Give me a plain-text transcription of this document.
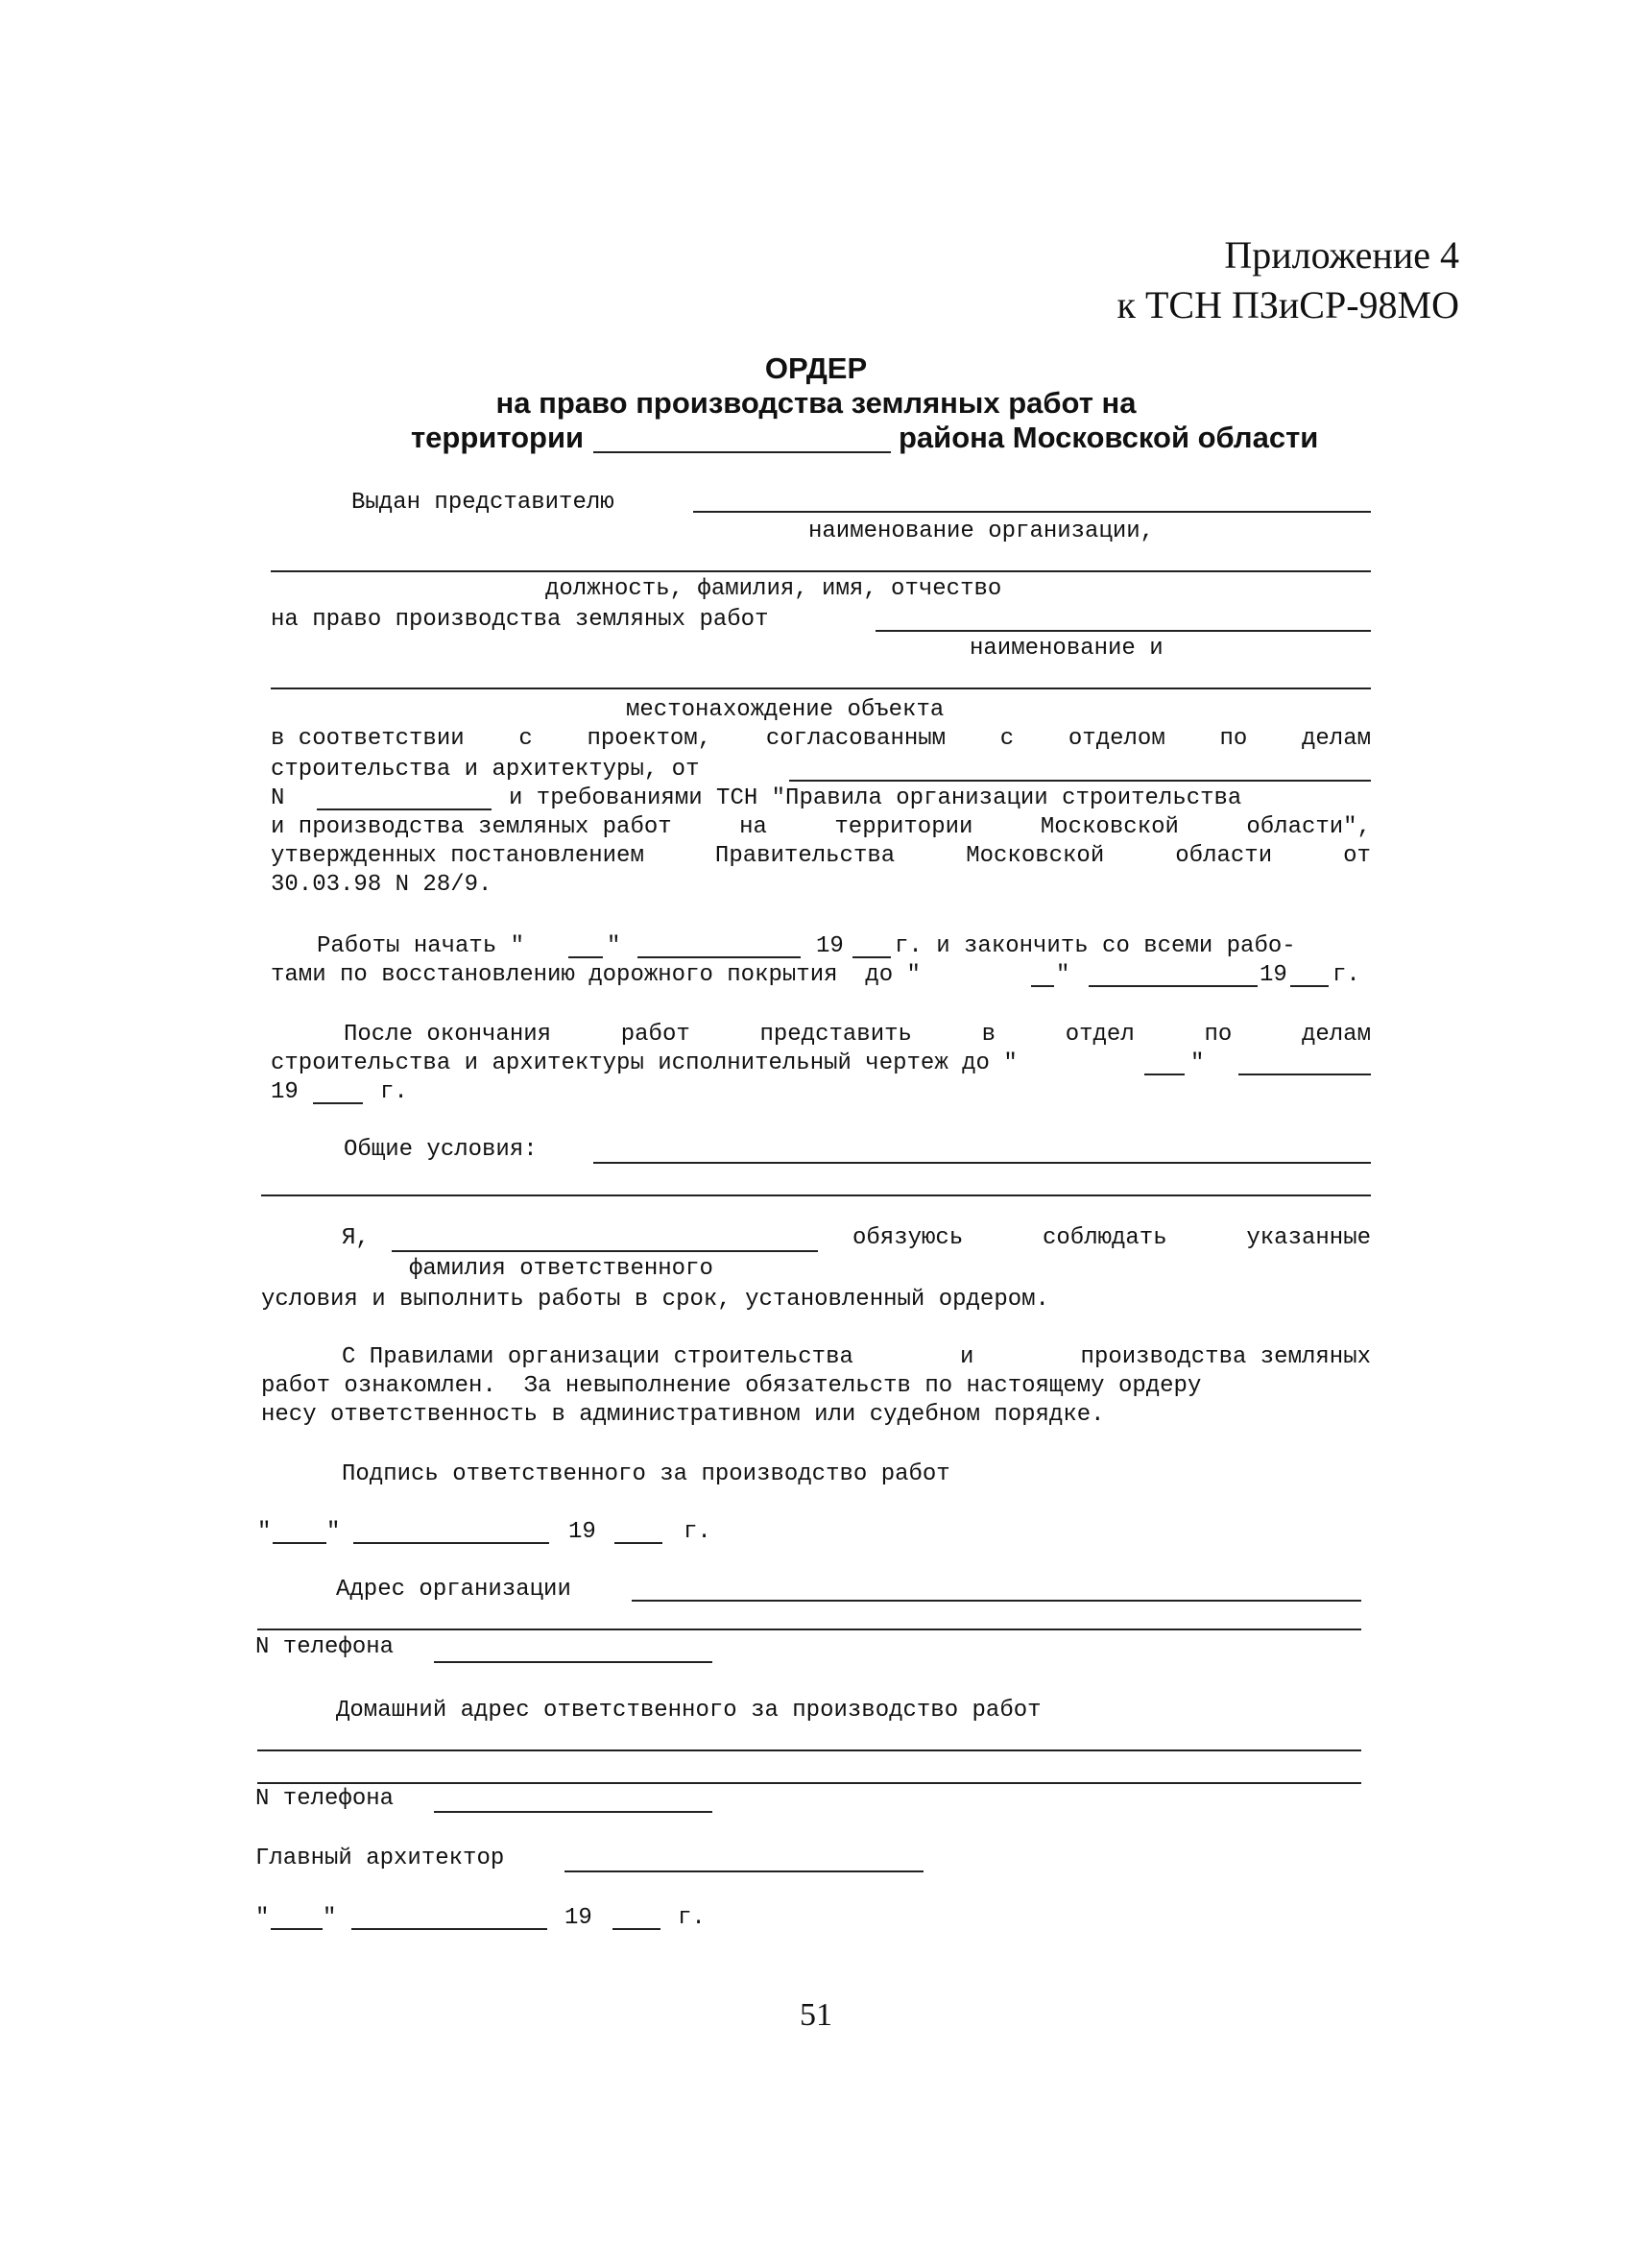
Приложение 4
к ТСН ПЗиСР-98МО
ОРДЕР
на право производства земляных работ на
территории	района Московской области
Выдан представителю
наименование организации,
должность, фамилия, имя, отчество
на право производства земляных работ
наименование и
местонахождение объекта
в соответствии с проектом, согласованным с отделом по делам
строительства и архитектуры, от
N	и требованиями ТСН "Правила организации строительства
и производства земляных работ	на	территории	Московской	области",
утвержденных постановлением	Правительства	Московской	области	от
30.03.98 N 28/9.
Работы начать "	"	19 г. и закончить со всеми рабо-
тами по восстановлению дорожного покрытия  до "	"	19 г.
После окончания	работ	представить	в	отдел	по	делам
строительства и архитектуры исполнительный чертеж до "	"
19	г.
Общие условия:
Я,	обязуюсь	соблюдать	указанные
фамилия ответственного
условия и выполнить работы в срок, установленный ордером.
С Правилами организации строительства	и	производства земляных
работ ознакомлен.  За невыполнение обязательств по настоящему ордеру
несу ответственность в административном или судебном порядке.
Подпись ответственного за производство работ
" "	19	г.
Адрес организации
N телефона
Домашний адрес ответственного за производство работ
N телефона
Главный архитектор
" "	19	г.
51
